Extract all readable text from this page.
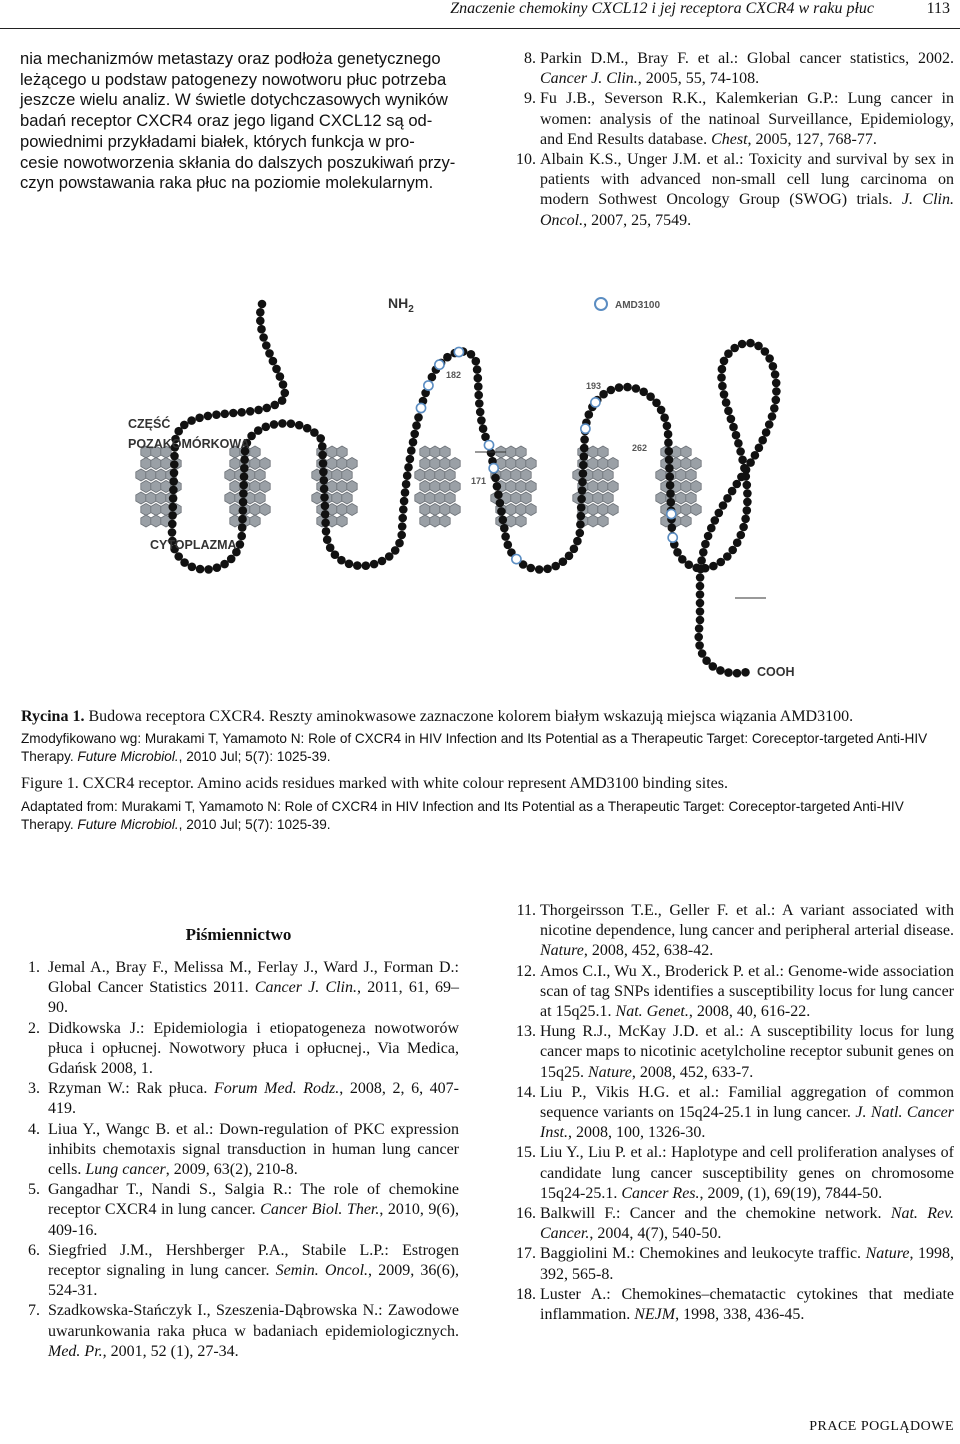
Znaczenie chemokiny CXCL12 i jej receptora CXCR4 w raku płuc	113
nia mechanizmów metastazy oraz podłoża genetycznego
leżącego u podstaw patogenezy nowotworu płuc potrzeba
jeszcze wielu analiz. W świetle dotychczasowych wyników
badań receptor CXCR4 oraz jego ligand CXCL12 są od-
powiednimi przykładami białek, których funkcja w pro-
cesie nowotworzenia skłania do dalszych poszukiwań przy-
czyn powstawania raka płuc na poziomie molekularnym.
8. Parkin D.M., Bray F. et al.: Global cancer statistics, 2002. Cancer J. Clin., 2005, 55, 74-108.
9. Fu J.B., Severson R.K., Kalemkerian G.P.: Lung cancer in women: analysis of the natinoal Surveillance, Epidemiology, and End Results database. Chest, 2005, 127, 768-77.
10. Albain K.S., Unger J.M. et al.: Toxicity and survival by sex in patients with advanced non-small cell lung carcinoma on modern Sothwest Oncology Group (SWOG) trials. J. Clin. Oncol., 2007, 25, 7549.
AMD3100
$NH_2$
CZĘŚĆ
POZAKOMÓRKOWA
CYTOPLAZMA
COOH
182
193
171
262
Rycina 1. Budowa receptora CXCR4. Reszty aminokwasowe zaznaczone kolorem białym wskazują miejsca wiązania AMD3100.
Zmodyfikowano wg: Murakami T, Yamamoto N: Role of CXCR4 in HIV Infection and Its Potential as a Therapeutic Target: Coreceptor-targeted Anti-HIV Therapy. Future Microbiol., 2010 Jul; 5(7): 1025-39.
Figure 1. CXCR4 receptor. Amino acids residues marked with white colour represent AMD3100 binding sites.
Adaptated from: Murakami T, Yamamoto N: Role of CXCR4 in HIV Infection and Its Potential as a Therapeutic Target: Coreceptor-targeted Anti-HIV Therapy. Future Microbiol., 2010 Jul; 5(7): 1025-39.
Piśmiennictwo
1. Jemal A., Bray F., Melissa M., Ferlay J., Ward J., Forman D.: Global Cancer Statistics 2011. Cancer J. Clin., 2011, 61, 69–90.
2. Didkowska J.: Epidemiologia i etiopatogeneza nowotworów płuca i opłucnej. Nowotwory płuca i opłucnej., Via Medica, Gdańsk 2008, 1.
3. Rzyman W.: Rak płuca. Forum Med. Rodz., 2008, 2, 6, 407-419.
4. Liua Y., Wangc B. et al.: Down-regulation of PKC expression inhibits chemotaxis signal transduction in human lung cancer cells. Lung cancer, 2009, 63(2), 210-8.
5. Gangadhar T., Nandi S., Salgia R.: The role of chemokine receptor CXCR4 in lung cancer. Cancer Biol. Ther., 2010, 9(6), 409-16.
6. Siegfried J.M., Hershberger P.A., Stabile L.P.: Estrogen receptor signaling in lung cancer. Semin. Oncol., 2009, 36(6), 524-31.
7. Szadkowska-Stańczyk I., Szeszenia-Dąbrowska N.: Zawodowe uwarunkowania raka płuca w badaniach epidemiologicznych. Med. Pr., 2001, 52 (1), 27-34.
11. Thorgeirsson T.E., Geller F. et al.: A variant associated with nicotine dependence, lung cancer and peripheral arterial disease. Nature, 2008, 452, 638-42.
12. Amos C.I., Wu X., Broderick P. et al.: Genome-wide association scan of tag SNPs identifies a susceptibility locus for lung cancer at 15q25.1. Nat. Genet., 2008, 40, 616-22.
13. Hung R.J., McKay J.D. et al.: A susceptibility locus for lung cancer maps to nicotinic acetylcholine receptor subunit genes on 15q25. Nature, 2008, 452, 633-7.
14. Liu P., Vikis H.G. et al.: Familial aggregation of common sequence variants on 15q24-25.1 in lung cancer. J. Natl. Cancer Inst., 2008, 100, 1326-30.
15. Liu Y., Liu P. et al.: Haplotype and cell proliferation analyses of candidate lung cancer susceptibility genes on chromosome 15q24-25.1. Cancer Res., 2009, (1), 69(19), 7844-50.
16. Balkwill F.: Cancer and the chemokine network. Nat. Rev. Cancer., 2004, 4(7), 540-50.
17. Baggiolini M.: Chemokines and leukocyte traffic. Nature, 1998, 392, 565-8.
18. Luster A.: Chemokines–chematactic cytokines that mediate inflammation. NEJM, 1998, 338, 436-45.
PRACE POGLĄDOWE
